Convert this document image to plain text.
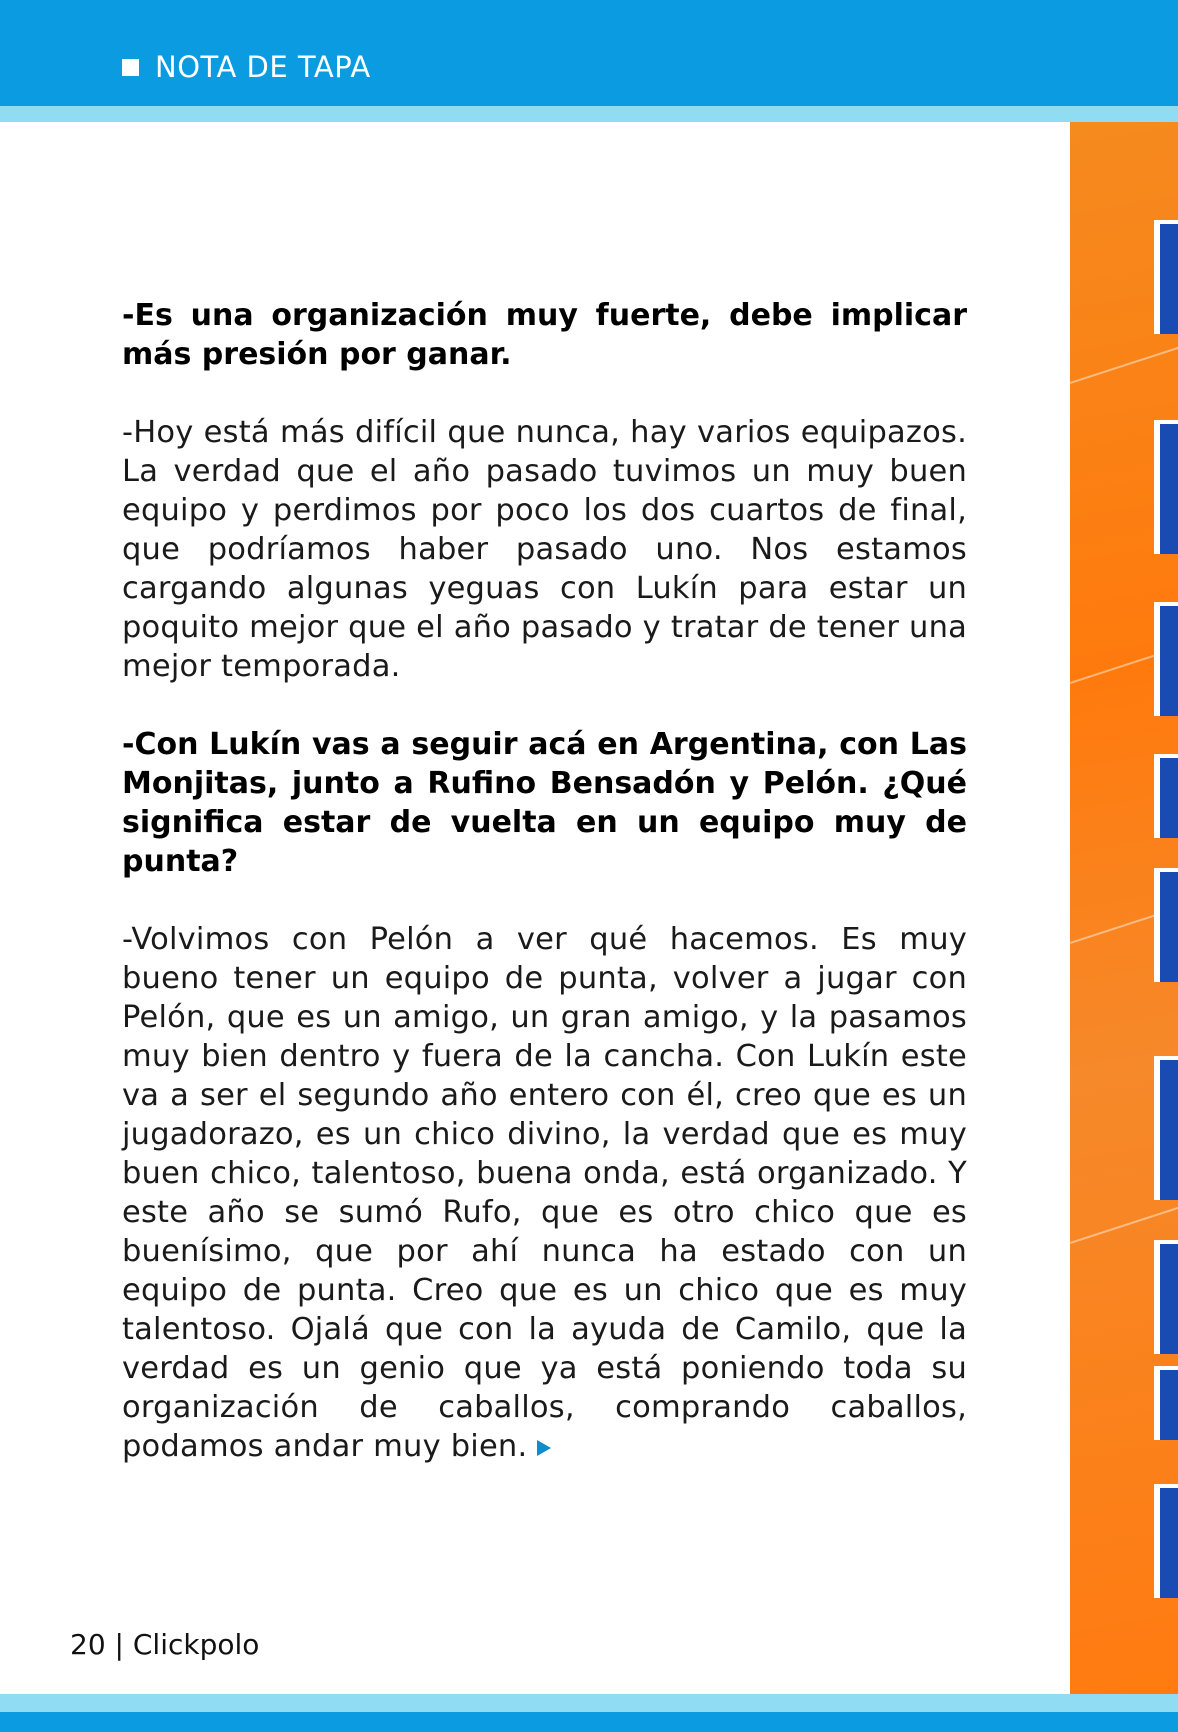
NOTA DE TAPA

-Es una organización muy fuerte, debe implicar más presión por ganar.

-Hoy está más difícil que nunca, hay varios equipazos. La verdad que el año pasado tuvimos un muy buen equipo y perdimos por poco los dos cuartos de final, que podríamos haber pasado uno. Nos estamos cargando algunas yeguas con Lukín para estar un poquito mejor que el año pasado y tratar de tener una mejor temporada.

-Con Lukín vas a seguir acá en Argentina, con Las Monjitas, junto a Rufino Bensadón y Pelón. ¿Qué significa estar de vuelta en un equipo muy de punta?

-Volvimos con Pelón a ver qué hacemos. Es muy bueno tener un equipo de punta, volver a jugar con Pelón, que es un amigo, un gran amigo, y la pasamos muy bien dentro y fuera de la cancha. Con Lukín este va a ser el segundo año entero con él, creo que es un jugadorazo, es un chico divino, la verdad que es muy buen chico, talentoso, buena onda, está organizado. Y este año se sumó Rufo, que es otro chico que es buenísimo, que por ahí nunca ha estado con un equipo de punta. Creo que es un chico que es muy talentoso. Ojalá que con la ayuda de Camilo, que la verdad es un genio que ya está poniendo toda su organización de caballos, comprando caballos, podamos andar muy bien.

20 | Clickpolo
